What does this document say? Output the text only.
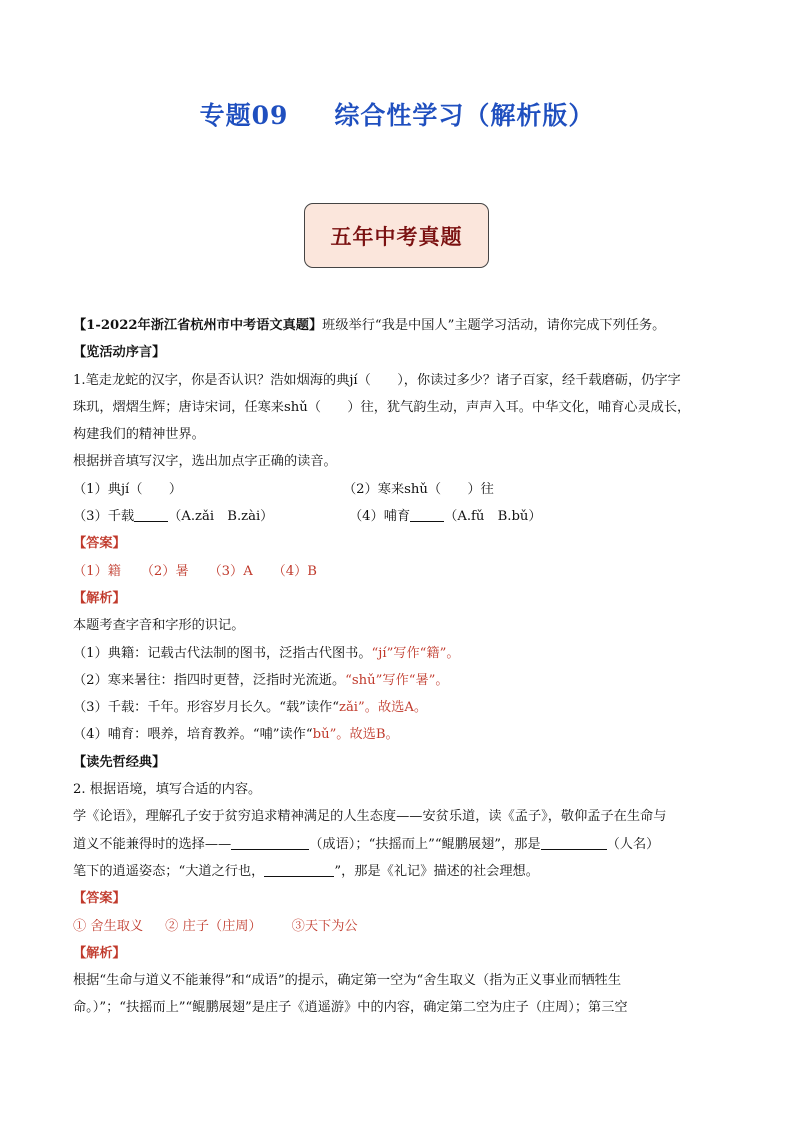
专题09 综合性学习（解析版）
五年中考真题
【1-2022年浙江省杭州市中考语文真题】班级举行“我是中国人”主题学习活动，请你完成下列任务。
【览活动序言】
1.笔走龙蛇的汉字，你是否认识？浩如烟海的典jí（　　），你读过多少？诸子百家，经千载磨砺，仍字字
珠玑，熠熠生辉；唐诗宋词，任寒来shǔ（　　）往，犹气韵生动，声声入耳。中华文化，哺育心灵成长，
构建我们的精神世界。
根据拼音填写汉字，选出加点字正确的读音。
（1）典jí（　　）	（2）寒来shǔ（　　）往
（3）千载	（A.zǎi　B.zài）	（4）哺育	（A.fǔ　B.bǔ）
【答案】
（1）籍　　（2）暑　　（3）A　　（4）B
【解析】
本题考查字音和字形的识记。
（1）典籍：记载古代法制的图书，泛指古代图书。“jí”写作“籍”。
（2）寒来暑往：指四时更替，泛指时光流逝。“shǔ”写作“暑”。
（3）千载：千年。形容岁月长久。“载”读作“zǎi”。故选A。
（4）哺育：喂养，培育教养。“哺”读作“bǔ”。故选B。
【读先哲经典】
2. 根据语境，填写合适的内容。
学《论语》，理解孔子安于贫穷追求精神满足的人生态度——安贫乐道，读《孟子》，敬仰孟子在生命与
道义不能兼得时的选择——	（成语）；“扶摇而上”“鲲鹏展翅”，那是	（人名）
笔下的逍遥姿态；“大道之行也，	”，那是《礼记》描述的社会理想。
【答案】
① 舍生取义 ② 庄子（庄周） ③天下为公
【解析】
根据“生命与道义不能兼得”和“成语”的提示，确定第一空为“舍生取义（指为正义事业而牺牲生
命。）”；“扶摇而上”“鲲鹏展翅”是庄子《逍遥游》中的内容，确定第二空为庄子（庄周）；第三空
